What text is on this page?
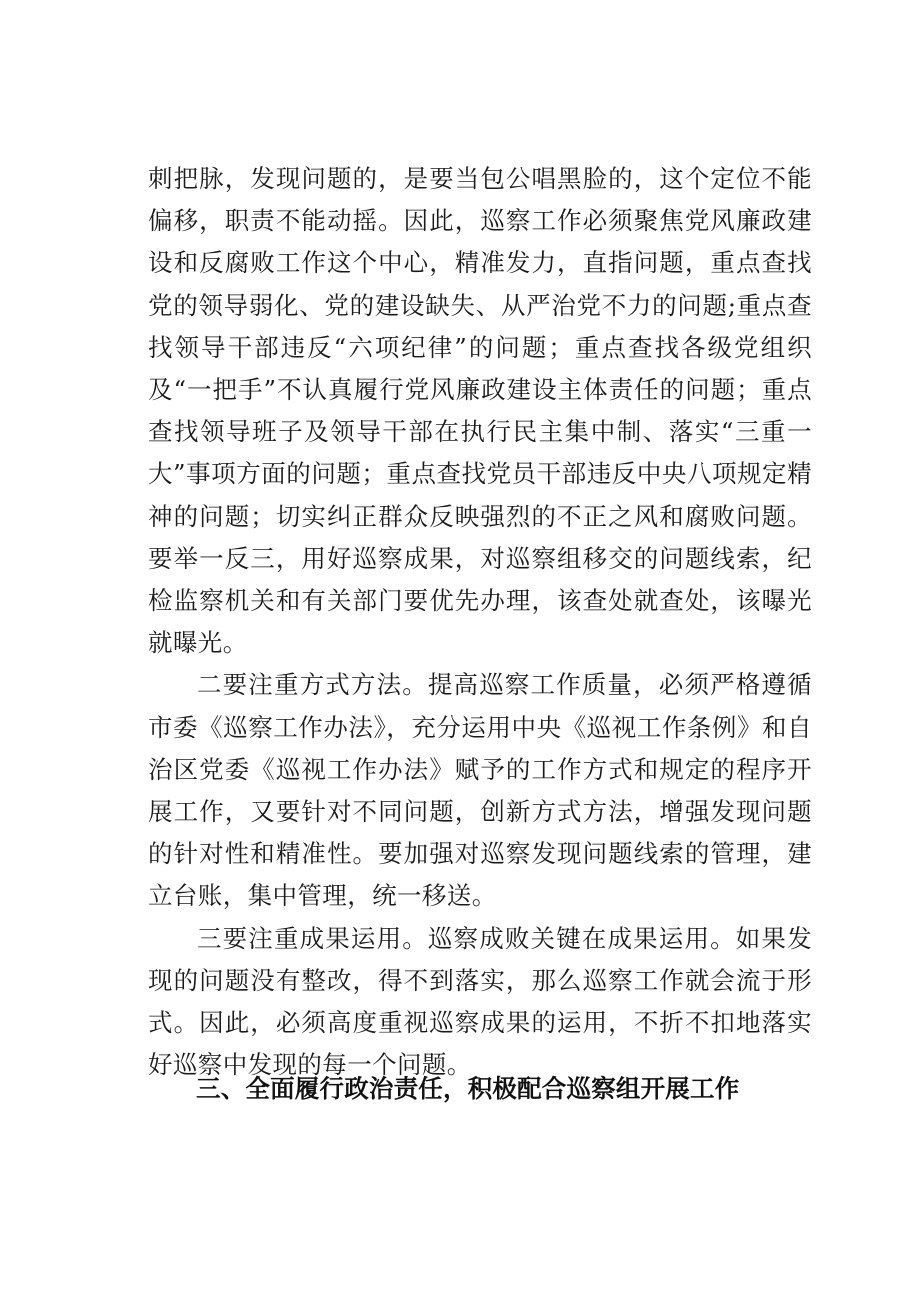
刺把脉，发现问题的，是要当包公唱黑脸的，这个定位不能偏移，职责不能动摇。因此，巡察工作必须聚焦党风廉政建设和反腐败工作这个中心，精准发力，直指问题，重点查找党的领导弱化、党的建设缺失、从严治党不力的问题;重点查找领导干部违反“六项纪律”的问题；重点查找各级党组织及“一把手”不认真履行党风廉政建设主体责任的问题；重点查找领导班子及领导干部在执行民主集中制、落实“三重一大”事项方面的问题；重点查找党员干部违反中央八项规定精神的问题；切实纠正群众反映强烈的不正之风和腐败问题。要举一反三，用好巡察成果，对巡察组移交的问题线索，纪检监察机关和有关部门要优先办理，该查处就查处，该曝光就曝光。

二要注重方式方法。提高巡察工作质量，必须严格遵循市委《巡察工作办法》，充分运用中央《巡视工作条例》和自治区党委《巡视工作办法》赋予的工作方式和规定的程序开展工作，又要针对不同问题，创新方式方法，增强发现问题的针对性和精准性。要加强对巡察发现问题线索的管理，建立台账，集中管理，统一移送。

三要注重成果运用。巡察成败关键在成果运用。如果发现的问题没有整改，得不到落实，那么巡察工作就会流于形式。因此，必须高度重视巡察成果的运用，不折不扣地落实好巡察中发现的每一个问题。

三、全面履行政治责任，积极配合巡察组开展工作
